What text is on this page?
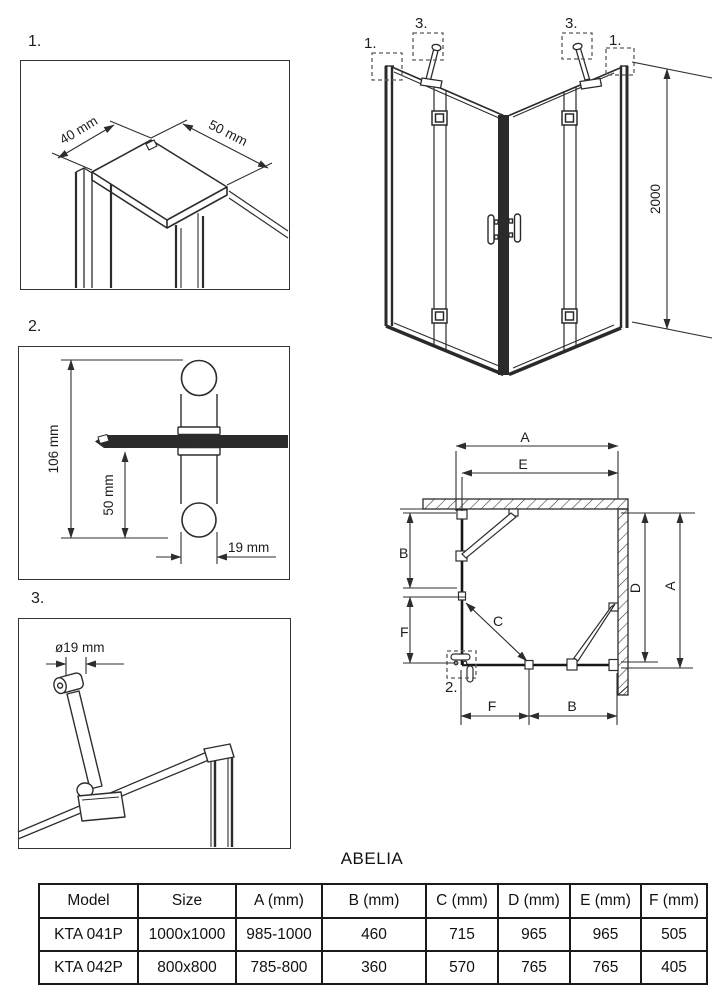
1.
40 mm	50 mm
2.
106 mm
50 mm
19 mm
3.
ø19 mm
1.
3.	3.
1.
2000
2.
A
E
B
F
C
D A
F	B
ABELIA
Model	Size	A (mm)	B (mm)	C (mm)	D (mm)	E (mm)	F (mm)
KTA 041P	1000x1000	985-1000	460	715	965	965	505
KTA 042P	800x800	785-800	360	570	765	765	405
